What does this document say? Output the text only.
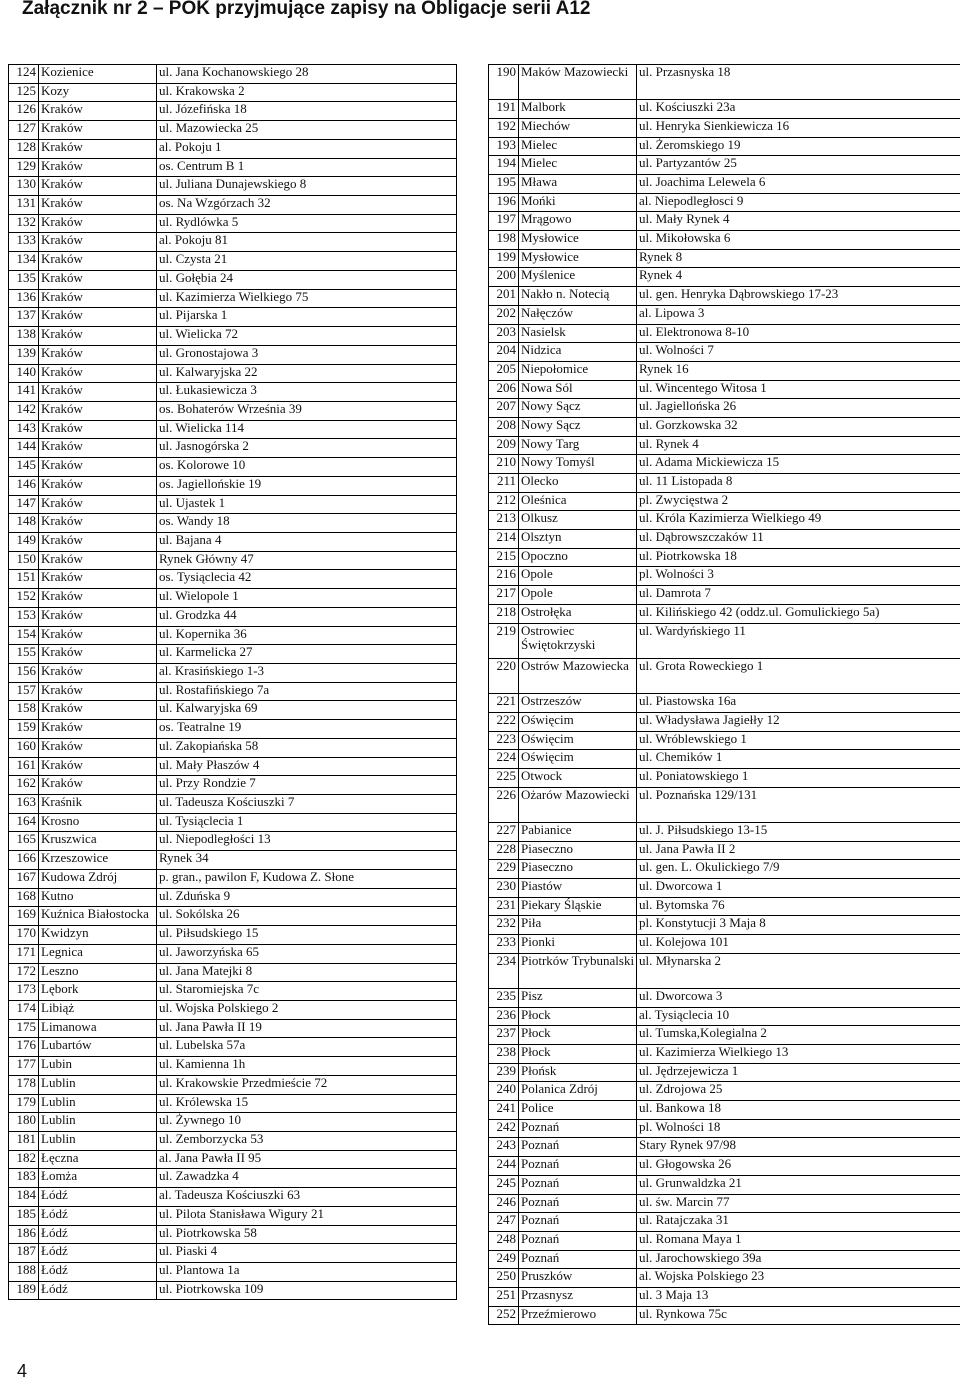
Załącznik nr 2 – POK przyjmujące zapisy na Obligacje serii A12
124	Kozienice	ul. Jana Kochanowskiego 28
125	Kozy	ul. Krakowska 2
126	Kraków	ul. Józefińska 18
127	Kraków	ul. Mazowiecka 25
128	Kraków	al. Pokoju 1
129	Kraków	os. Centrum B 1
130	Kraków	ul. Juliana Dunajewskiego 8
131	Kraków	os. Na Wzgórzach 32
132	Kraków	ul. Rydlówka 5
133	Kraków	al. Pokoju 81
134	Kraków	ul. Czysta 21
135	Kraków	ul. Gołębia 24
136	Kraków	ul. Kazimierza Wielkiego 75
137	Kraków	ul. Pijarska 1
138	Kraków	ul. Wielicka 72
139	Kraków	ul. Gronostajowa 3
140	Kraków	ul. Kalwaryjska 22
141	Kraków	ul. Łukasiewicza 3
142	Kraków	os. Bohaterów Września 39
143	Kraków	ul. Wielicka 114
144	Kraków	ul. Jasnogórska 2
145	Kraków	os. Kolorowe 10
146	Kraków	os. Jagiellońskie 19
147	Kraków	ul. Ujastek 1
148	Kraków	os. Wandy 18
149	Kraków	ul. Bajana 4
150	Kraków	Rynek Główny 47
151	Kraków	os. Tysiąclecia 42
152	Kraków	ul. Wielopole 1
153	Kraków	ul. Grodzka 44
154	Kraków	ul. Kopernika 36
155	Kraków	ul. Karmelicka 27
156	Kraków	al. Krasińskiego 1-3
157	Kraków	ul. Rostafińskiego 7a
158	Kraków	ul. Kalwaryjska 69
159	Kraków	os. Teatralne 19
160	Kraków	ul. Zakopiańska 58
161	Kraków	ul. Mały Płaszów 4
162	Kraków	ul. Przy Rondzie 7
163	Kraśnik	ul. Tadeusza Kościuszki 7
164	Krosno	ul. Tysiąclecia 1
165	Kruszwica	ul. Niepodległości 13
166	Krzeszowice	Rynek 34
167	Kudowa Zdrój	p. gran., pawilon F, Kudowa Z. Słone
168	Kutno	ul. Zduńska 9
169	Kuźnica Białostocka	ul. Sokólska 26
170	Kwidzyn	ul. Piłsudskiego 15
171	Legnica	ul. Jaworzyńska 65
172	Leszno	ul. Jana Matejki 8
173	Lębork	ul. Staromiejska 7c
174	Libiąż	ul. Wojska Polskiego 2
175	Limanowa	ul. Jana Pawła II 19
176	Lubartów	ul. Lubelska 57a
177	Lubin	ul. Kamienna 1h
178	Lublin	ul. Krakowskie Przedmieście 72
179	Lublin	ul. Królewska 15
180	Lublin	ul. Żywnego 10
181	Lublin	ul. Zemborzycka 53
182	Łęczna	al. Jana Pawła II 95
183	Łomża	ul. Zawadzka 4
184	Łódź	al. Tadeusza Kościuszki 63
185	Łódź	ul. Pilota Stanisława Wigury 21
186	Łódź	ul. Piotrkowska 58
187	Łódź	ul. Piaski 4
188	Łódź	ul. Plantowa 1a
189	Łódź	ul. Piotrkowska 109
190	Maków Mazowiecki	ul. Przasnyska 18
191	Malbork	ul. Kościuszki 23a
192	Miechów	ul. Henryka Sienkiewicza 16
193	Mielec	ul. Żeromskiego 19
194	Mielec	ul. Partyzantów 25
195	Mława	ul. Joachima Lelewela 6
196	Mońki	al. Niepodległosci 9
197	Mrągowo	ul. Mały Rynek 4
198	Mysłowice	ul. Mikołowska 6
199	Mysłowice	Rynek 8
200	Myślenice	Rynek 4
201	Nakło n. Notecią	ul. gen. Henryka Dąbrowskiego 17-23
202	Nałęczów	al. Lipowa 3
203	Nasielsk	ul. Elektronowa 8-10
204	Nidzica	ul. Wolności 7
205	Niepołomice	Rynek 16
206	Nowa Sól	ul. Wincentego Witosa 1
207	Nowy Sącz	ul. Jagiellońska 26
208	Nowy Sącz	ul. Gorzkowska 32
209	Nowy Targ	ul. Rynek 4
210	Nowy Tomyśl	ul. Adama Mickiewicza 15
211	Olecko	ul. 11 Listopada 8
212	Oleśnica	pl. Zwycięstwa 2
213	Olkusz	ul. Króla Kazimierza Wielkiego 49
214	Olsztyn	ul. Dąbrowszczaków 11
215	Opoczno	ul. Piotrkowska 18
216	Opole	pl. Wolności 3
217	Opole	ul. Damrota 7
218	Ostrołęka	ul. Kilińskiego 42 (oddz.ul. Gomulickiego 5a)
219	Ostrowiec Świętokrzyski	ul. Wardyńskiego 11
220	Ostrów Mazowiecka	ul. Grota Roweckiego 1
221	Ostrzeszów	ul. Piastowska 16a
222	Oświęcim	ul. Władysława Jagiełły 12
223	Oświęcim	ul. Wróblewskiego 1
224	Oświęcim	ul. Chemików 1
225	Otwock	ul. Poniatowskiego 1
226	Ożarów Mazowiecki	ul. Poznańska 129/131
227	Pabianice	ul. J. Piłsudskiego 13-15
228	Piaseczno	ul. Jana Pawła II 2
229	Piaseczno	ul. gen. L. Okulickiego 7/9
230	Piastów	ul. Dworcowa 1
231	Piekary Śląskie	ul. Bytomska 76
232	Piła	pl. Konstytucji 3 Maja 8
233	Pionki	ul. Kolejowa 101
234	Piotrków Trybunalski	ul. Młynarska 2
235	Pisz	ul. Dworcowa 3
236	Płock	al. Tysiąclecia 10
237	Płock	ul. Tumska,Kolegialna 2
238	Płock	ul. Kazimierza Wielkiego 13
239	Płońsk	ul. Jędrzejewicza 1
240	Polanica Zdrój	ul. Zdrojowa 25
241	Police	ul. Bankowa 18
242	Poznań	pl. Wolności 18
243	Poznań	Stary Rynek 97/98
244	Poznań	ul. Głogowska 26
245	Poznań	ul. Grunwaldzka 21
246	Poznań	ul. św. Marcin 77
247	Poznań	ul. Ratajczaka 31
248	Poznań	ul. Romana Maya 1
249	Poznań	ul. Jarochowskiego 39a
250	Pruszków	al. Wojska Polskiego 23
251	Przasnysz	ul. 3 Maja 13
252	Przeźmierowo	ul. Rynkowa 75c
4
